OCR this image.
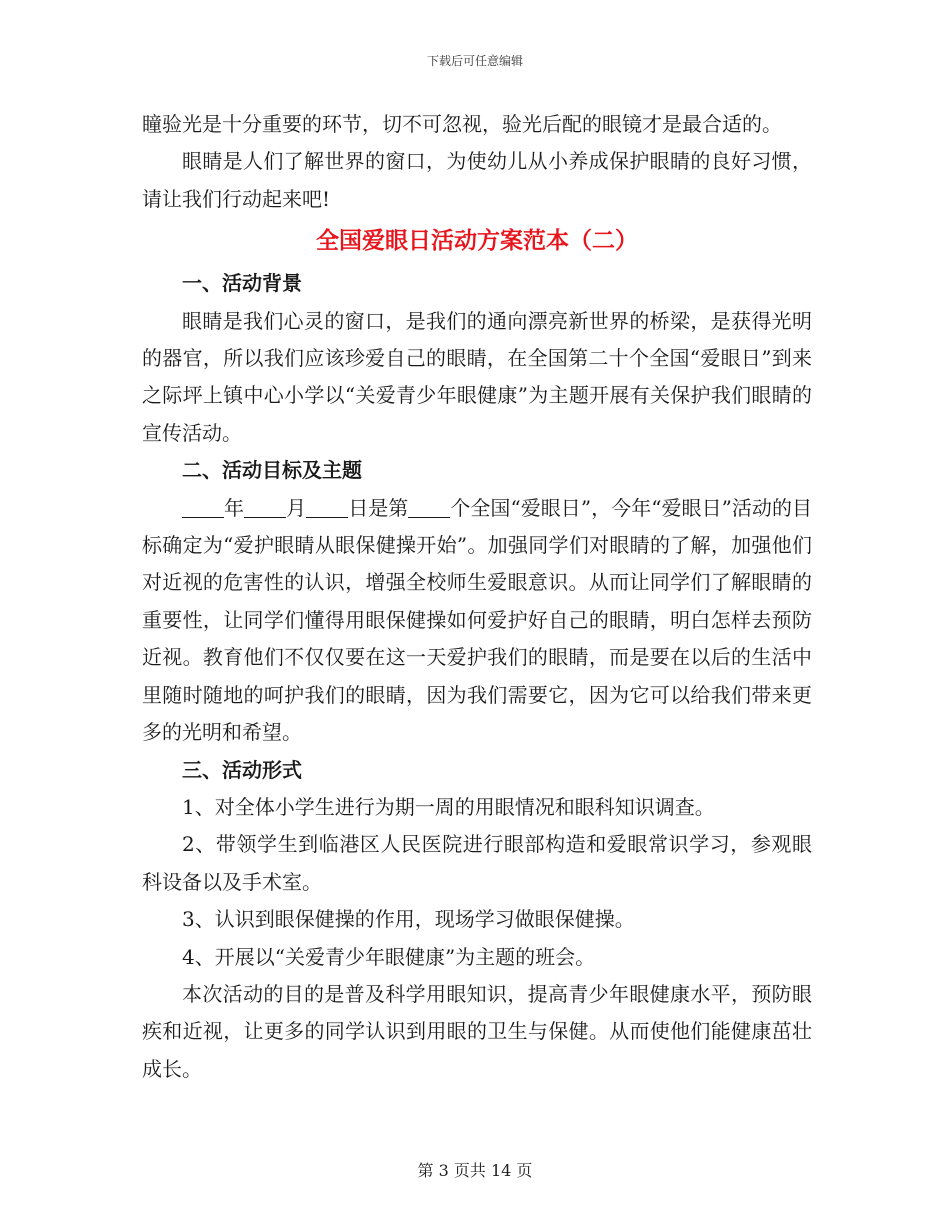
下载后可任意编辑

瞳验光是十分重要的环节，切不可忽视，验光后配的眼镜才是最合适的。

眼睛是人们了解世界的窗口，为使幼儿从小养成保护眼睛的良好习惯，请让我们行动起来吧!

全国爱眼日活动方案范本（二）

一、活动背景

眼睛是我们心灵的窗口，是我们的通向漂亮新世界的桥梁，是获得光明的器官，所以我们应该珍爱自己的眼睛，在全国第二十个全国“爱眼日”到来之际坪上镇中心小学以“关爱青少年眼健康”为主题开展有关保护我们眼睛的宣传活动。

二、活动目标及主题

年 月 日是第 个全国“爱眼日”，今年“爱眼日”活动的目标确定为“爱护眼睛从眼保健操开始”。加强同学们对眼睛的了解，加强他们对近视的危害性的认识，增强全校师生爱眼意识。从而让同学们了解眼睛的重要性，让同学们懂得用眼保健操如何爱护好自己的眼睛，明白怎样去预防近视。教育他们不仅仅要在这一天爱护我们的眼睛，而是要在以后的生活中里随时随地的呵护我们的眼睛，因为我们需要它，因为它可以给我们带来更多的光明和希望。

三、活动形式

1、对全体小学生进行为期一周的用眼情况和眼科知识调查。

2、带领学生到临港区人民医院进行眼部构造和爱眼常识学习，参观眼科设备以及手术室。

3、认识到眼保健操的作用，现场学习做眼保健操。

4、开展以“关爱青少年眼健康”为主题的班会。

本次活动的目的是普及科学用眼知识，提高青少年眼健康水平，预防眼疾和近视，让更多的同学认识到用眼的卫生与保健。从而使他们能健康茁壮成长。

第 3 页共 14 页
